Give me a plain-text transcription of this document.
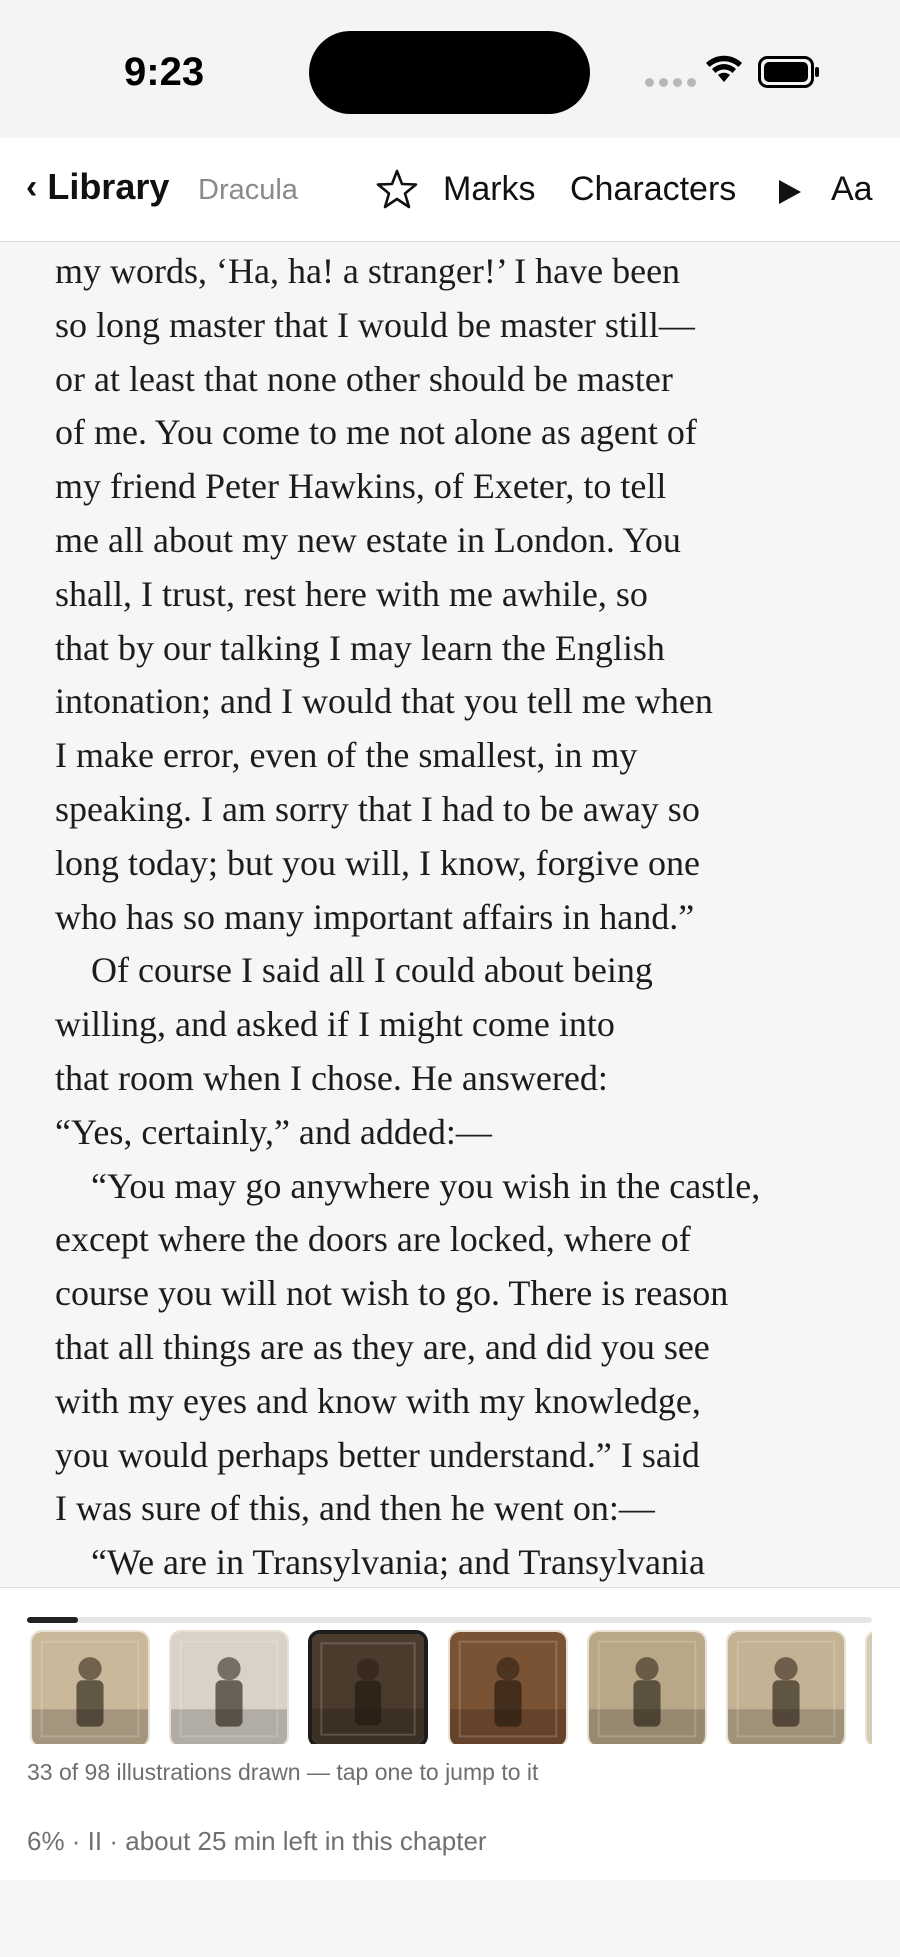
9:23
‹ Library Dracula	Marks Characters	Aa
my words, ‘Ha, ha! a stranger!’ I have been
so long master that I would be master still—
or at least that none other should be master
of me. You come to me not alone as agent of
my friend Peter Hawkins, of Exeter, to tell
me all about my new estate in London. You
shall, I trust, rest here with me awhile, so
that by our talking I may learn the English
intonation; and I would that you tell me when
I make error, even of the smallest, in my
speaking. I am sorry that I had to be away so
long today; but you will, I know, forgive one
who has so many important affairs in hand.”
Of course I said all I could about being
willing, and asked if I might come into
that room when I chose. He answered:
“Yes, certainly,” and added:—
“You may go anywhere you wish in the castle,
except where the doors are locked, where of
course you will not wish to go. There is reason
that all things are as they are, and did you see
with my eyes and know with my knowledge,
you would perhaps better understand.” I said
I was sure of this, and then he went on:—
“We are in Transylvania; and Transylvania
33 of 98 illustrations drawn — tap one to jump to it
6% · II · about 25 min left in this chapter
